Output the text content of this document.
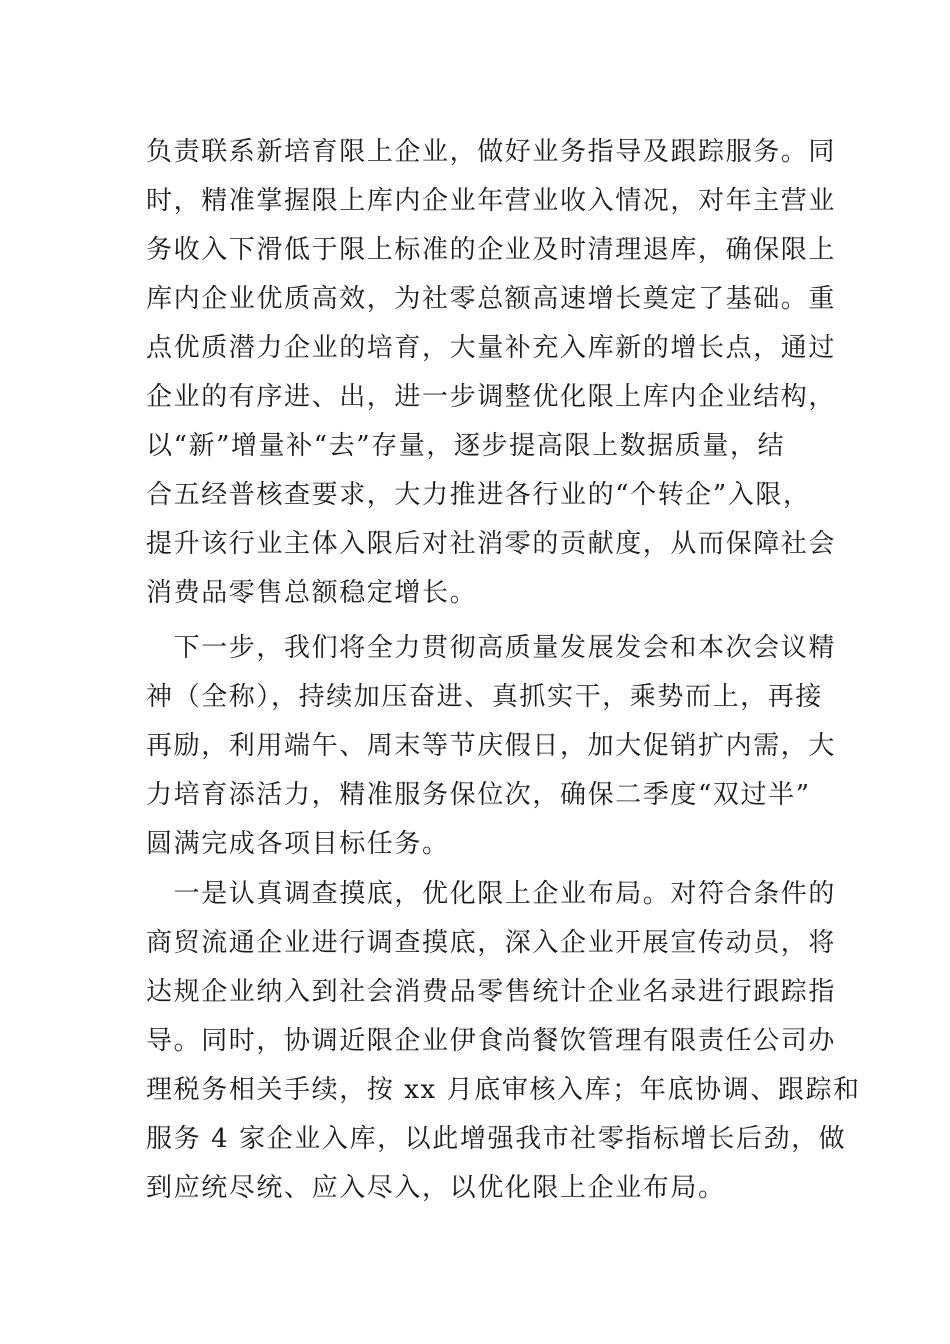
负责联系新培育限上企业，做好业务指导及跟踪服务。同
时，精准掌握限上库内企业年营业收入情况，对年主营业
务收入下滑低于限上标准的企业及时清理退库，确保限上
库内企业优质高效，为社零总额高速增长奠定了基础。重
点优质潜力企业的培育，大量补充入库新的增长点，通过
企业的有序进、出，进一步调整优化限上库内企业结构，
以“新”增量补“去”存量，逐步提高限上数据质量，结
合五经普核查要求，大力推进各行业的“个转企”入限，
提升该行业主体入限后对社消零的贡献度，从而保障社会
消费品零售总额稳定增长。
　下一步，我们将全力贯彻高质量发展发会和本次会议精
神（全称），持续加压奋进、真抓实干，乘势而上，再接
再励，利用端午、周末等节庆假日，加大促销扩内需，大
力培育添活力，精准服务保位次，确保二季度“双过半”
圆满完成各项目标任务。
　一是认真调查摸底，优化限上企业布局。对符合条件的
商贸流通企业进行调查摸底，深入企业开展宣传动员，将
达规企业纳入到社会消费品零售统计企业名录进行跟踪指
导。同时，协调近限企业伊食尚餐饮管理有限责任公司办
理税务相关手续，按 xx 月底审核入库；年底协调、跟踪和
服务 4 家企业入库，以此增强我市社零指标增长后劲，做
到应统尽统、应入尽入，以优化限上企业布局。
